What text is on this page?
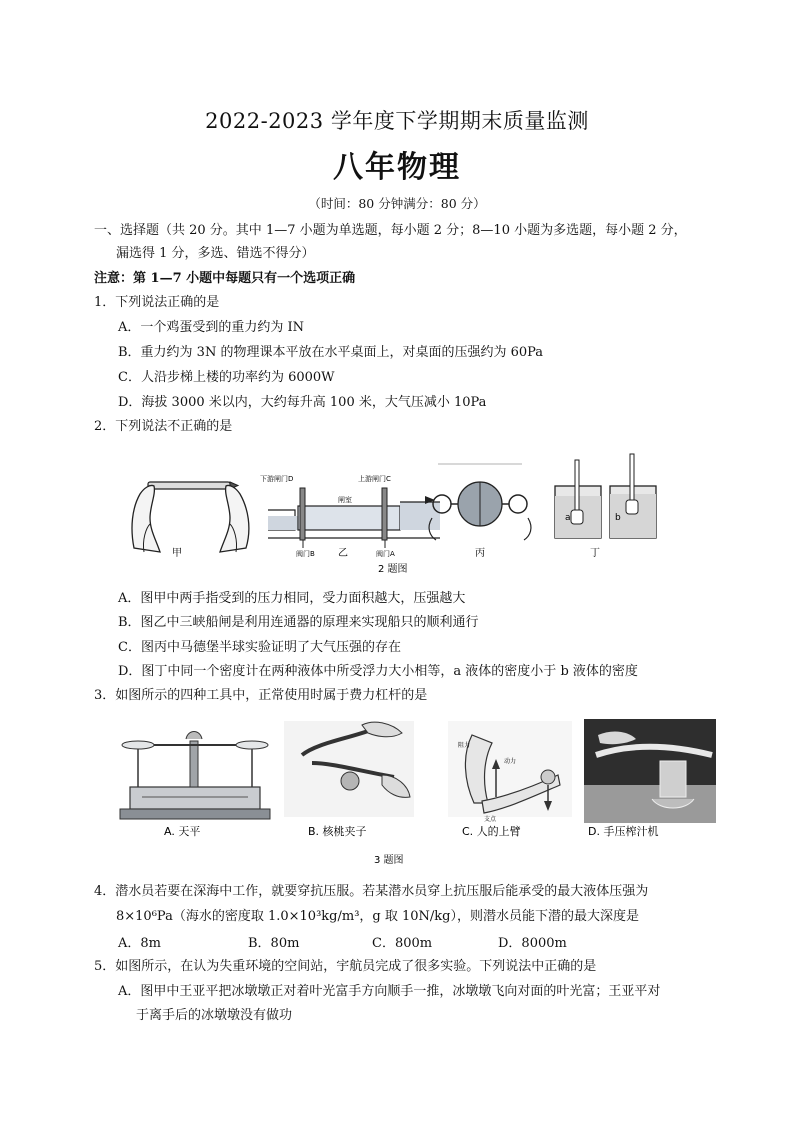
2022-2023 学年度下学期期末质量监测
八年物理
（时间：80 分钟满分：80 分）
一、选择题（共 20 分。其中 1—7 小题为单选题，每小题 2 分；8—10 小题为多选题，每小题 2 分，
漏选得 1 分，多选、错选不得分）
注意：第 1—7 小题中每题只有一个选项正确
1．下列说法正确的是
A．一个鸡蛋受到的重力约为 IN
B．重力约为 3N 的物理课本平放在水平桌面上，对桌面的压强约为 60Pa
C．人沿步梯上楼的功率约为 6000W
D．海拔 3000 米以内，大约每升高 100 米，大气压减小 10Pa
2．下列说法不正确的是
甲
下游闸门D	上游闸门C
闸室
阀门B	阀门A
乙	丙
a	b
丁
2 题图
A．图甲中两手指受到的压力相同，受力面积越大，压强越大
B．图乙中三峡船闸是利用连通器的原理来实现船只的顺利通行
C．图丙中马德堡半球实验证明了大气压强的存在
D．图丁中同一个密度计在两种液体中所受浮力大小相等，a 液体的密度小于 b 液体的密度
3．如图所示的四种工具中，正常使用时属于费力杠杆的是
A. 天平	B. 核桃夹子
阻力
动力
支点
C. 人的上臂	D. 手压榨汁机
3 题图
4．潜水员若要在深海中工作，就要穿抗压服。若某潜水员穿上抗压服后能承受的最大液体压强为
8×10⁶Pa（海水的密度取 1.0×10³kg/m³，g 取 10N/kg），则潜水员能下潜的最大深度是
A．8m	B．80m	C．800m	D．8000m
5．如图所示，在认为失重环境的空间站，宇航员完成了很多实验。下列说法中正确的是
A．图甲中王亚平把冰墩墩正对着叶光富手方向顺手一推，冰墩墩飞向对面的叶光富；王亚平对
于离手后的冰墩墩没有做功
